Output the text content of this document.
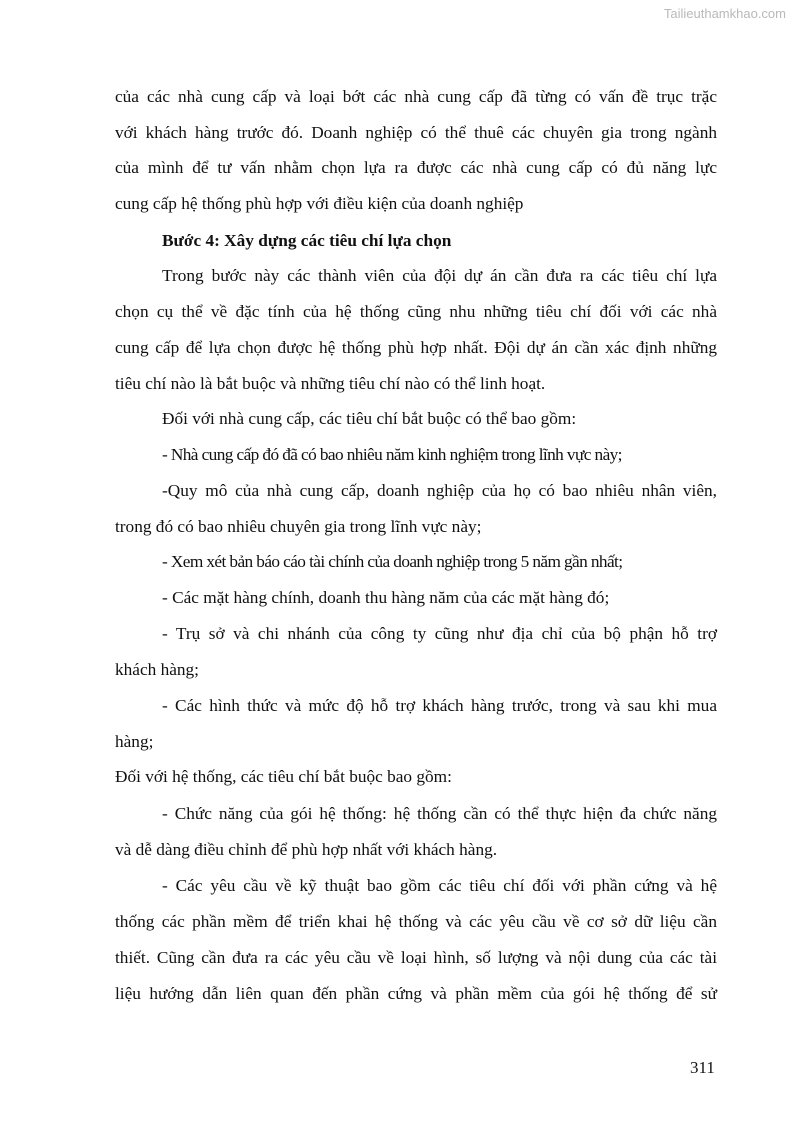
Tailieuthamkhao.com
của các nhà cung cấp và loại bớt các nhà cung cấp đã từng có vấn đề trục trặc
với khách hàng trước đó. Doanh nghiệp có thể thuê các chuyên gia trong ngành
của mình để tư vấn nhằm chọn lựa ra được các nhà cung cấp có đủ năng lực
cung cấp hệ thống phù hợp với điều kiện của doanh nghiệp
Bước 4: Xây dựng các tiêu chí lựa chọn
Trong bước này các thành viên của đội dự án cần đưa ra các tiêu chí lựa
chọn cụ thể về đặc tính của hệ thống cũng nhu những tiêu chí đối với các nhà
cung cấp để lựa chọn được hệ thống phù hợp nhất. Đội dự án cần xác định những
tiêu chí nào là bắt buộc và những tiêu chí nào có thể linh hoạt.
Đối với nhà cung cấp, các tiêu chí bắt buộc có thể bao gồm:
- Nhà cung cấp đó đã có bao nhiêu năm kinh nghiệm trong lĩnh vực này;
-Quy mô của nhà cung cấp, doanh nghiệp của họ có bao nhiêu nhân viên,
trong đó có bao nhiêu chuyên gia trong lĩnh vực này;
- Xem xét bản báo cáo tài chính của doanh nghiệp trong 5 năm gần nhất;
- Các mặt hàng chính, doanh thu hàng năm của các mặt hàng đó;
- Trụ sở và chi nhánh của công ty cũng như địa chỉ của bộ phận hỗ trợ
khách hàng;
- Các hình thức và mức độ hỗ trợ khách hàng trước, trong và sau khi mua
hàng;
Đối với hệ thống, các tiêu chí bắt buộc bao gồm:
- Chức năng của gói hệ thống: hệ thống cần có thể thực hiện đa chức năng
và dễ dàng điều chỉnh để phù hợp nhất với khách hàng.
- Các yêu cầu về kỹ thuật bao gồm các tiêu chí đối với phần cứng và hệ
thống các phần mềm để triển khai hệ thống và các yêu cầu về cơ sở dữ liệu cần
thiết. Cũng cần đưa ra các yêu cầu về loại hình, số lượng và nội dung của các tài
liệu hướng dẫn liên quan đến phần cứng và phần mềm của gói hệ thống để sử
311
